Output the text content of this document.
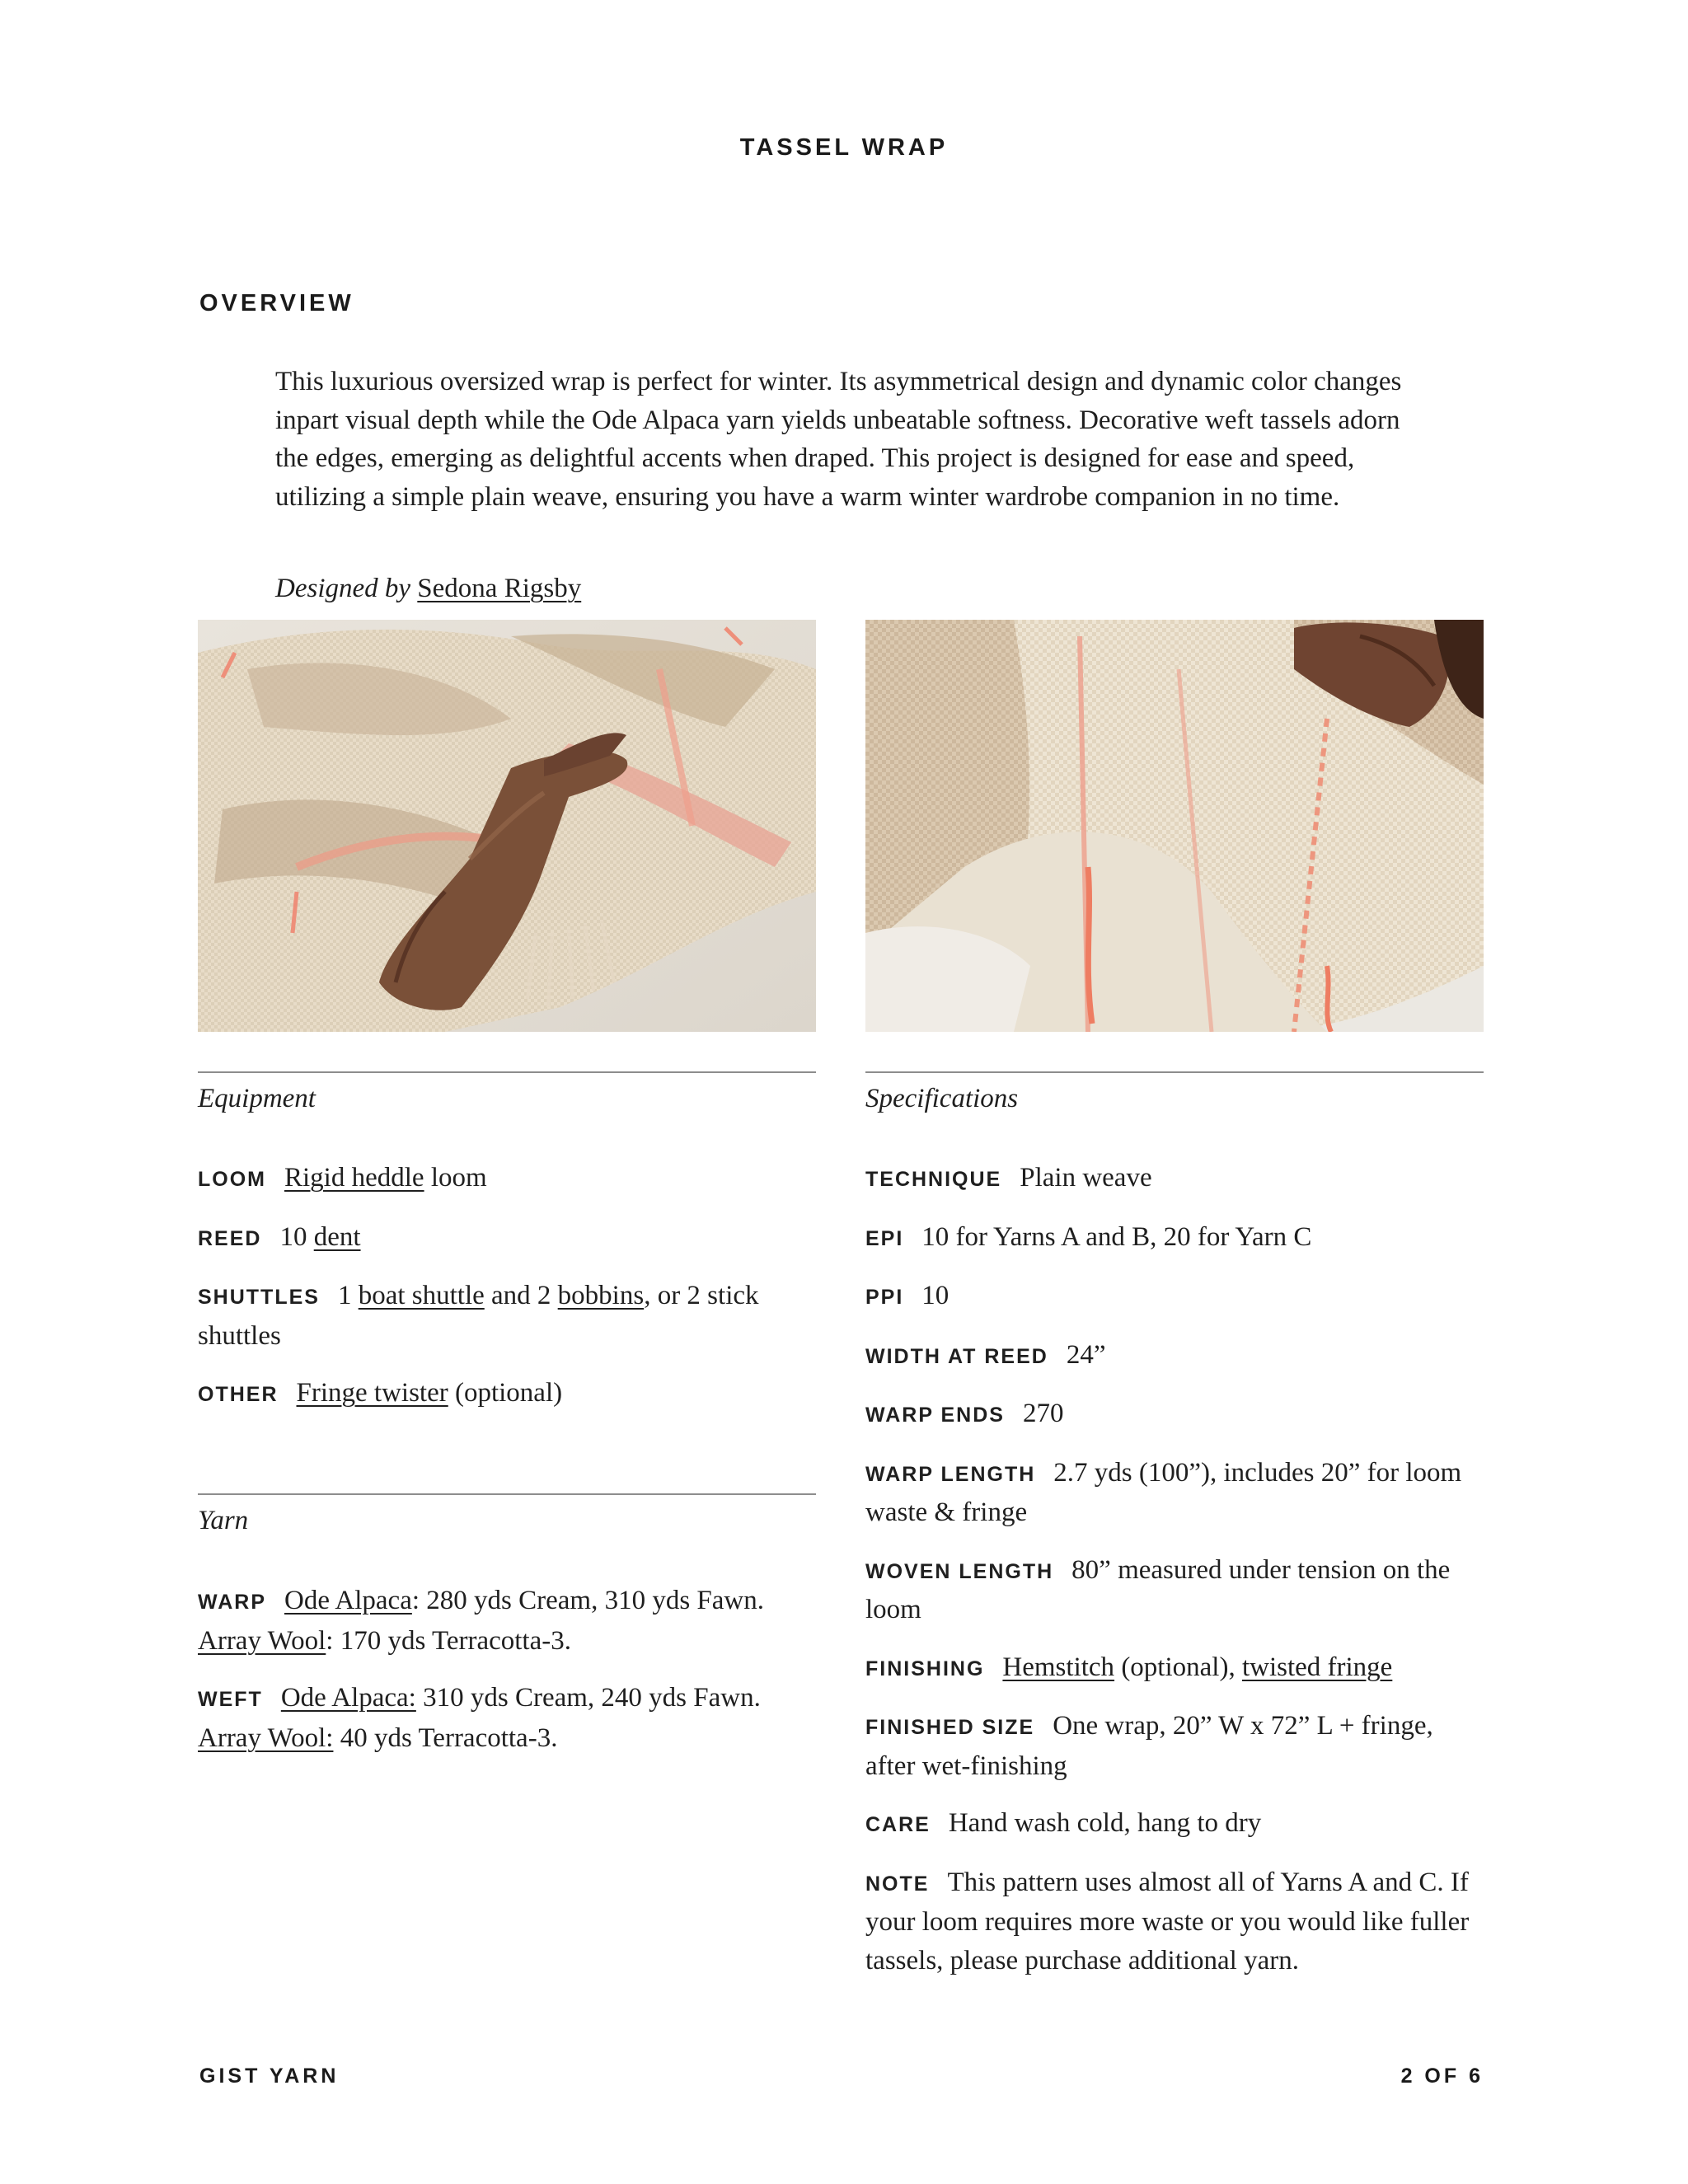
TASSEL WRAP
OVERVIEW

This luxurious oversized wrap is perfect for winter. Its asymmetrical design and dynamic color changes inpart visual depth while the Ode Alpaca yarn yields unbeatable softness. Decorative weft tassels adorn the edges, emerging as delightful accents when draped. This project is designed for ease and speed, utilizing a simple plain weave, ensuring you have a warm winter wardrobe companion in no time.

Designed by Sedona Rigsby
Equipment
LOOM Rigid heddle loom
REED 10 dent
SHUTTLES 1 boat shuttle and 2 bobbins, or 2 stick shuttles
OTHER Fringe twister (optional)
Yarn
WARP Ode Alpaca: 280 yds Cream, 310 yds Fawn. Array Wool: 170 yds Terracotta-3.
WEFT Ode Alpaca: 310 yds Cream, 240 yds Fawn. Array Wool: 40 yds Terracotta-3.
Specifications
TECHNIQUE Plain weave
EPI 10 for Yarns A and B, 20 for Yarn C
PPI 10
WIDTH AT REED 24”
WARP ENDS 270
WARP LENGTH 2.7 yds (100”), includes 20” for loom waste & fringe
WOVEN LENGTH 80” measured under tension on the loom
FINISHING Hemstitch (optional), twisted fringe
FINISHED SIZE One wrap, 20” W x 72” L + fringe, after wet-finishing
CARE Hand wash cold, hang to dry
NOTE This pattern uses almost all of Yarns A and C. If your loom requires more waste or you would like fuller tassels, please purchase additional yarn.
GIST YARN	2 OF 6
